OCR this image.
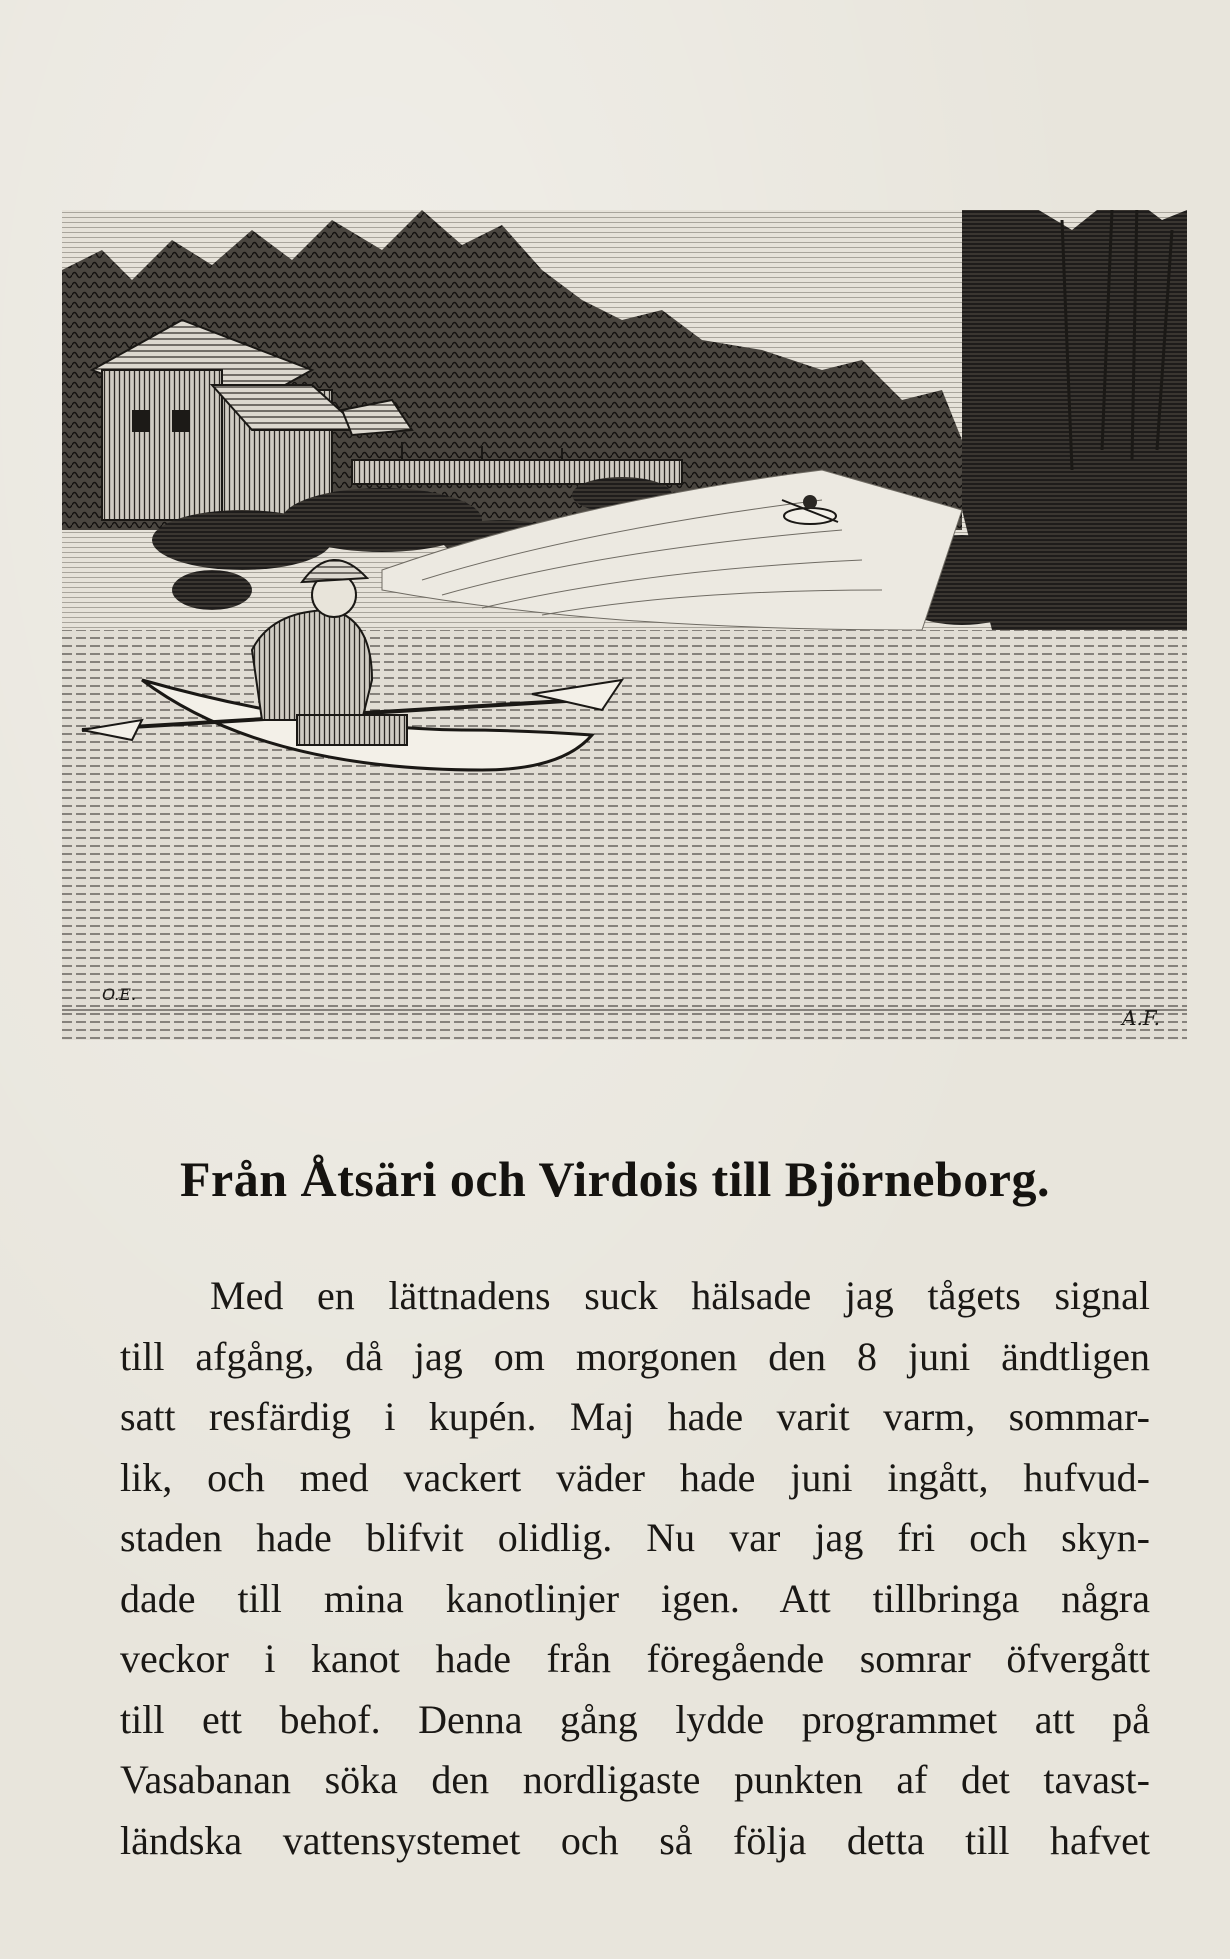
O.E.
A.F.
Från Åtsäri och Virdois till Björneborg.
Med en lättnadens suck hälsade jag tågets signal
till afgång, då jag om morgonen den 8 juni ändtligen
satt resfärdig i kupén. Maj hade varit varm, sommar-
lik, och med vackert väder hade juni ingått, hufvud-
staden hade blifvit olidlig. Nu var jag fri och skyn-
dade till mina kanotlinjer igen. Att tillbringa några
veckor i kanot hade från föregående somrar öfvergått
till ett behof. Denna gång lydde programmet att på
Vasabanan söka den nordligaste punkten af det tavast-
ländska vattensystemet och så följa detta till hafvet
